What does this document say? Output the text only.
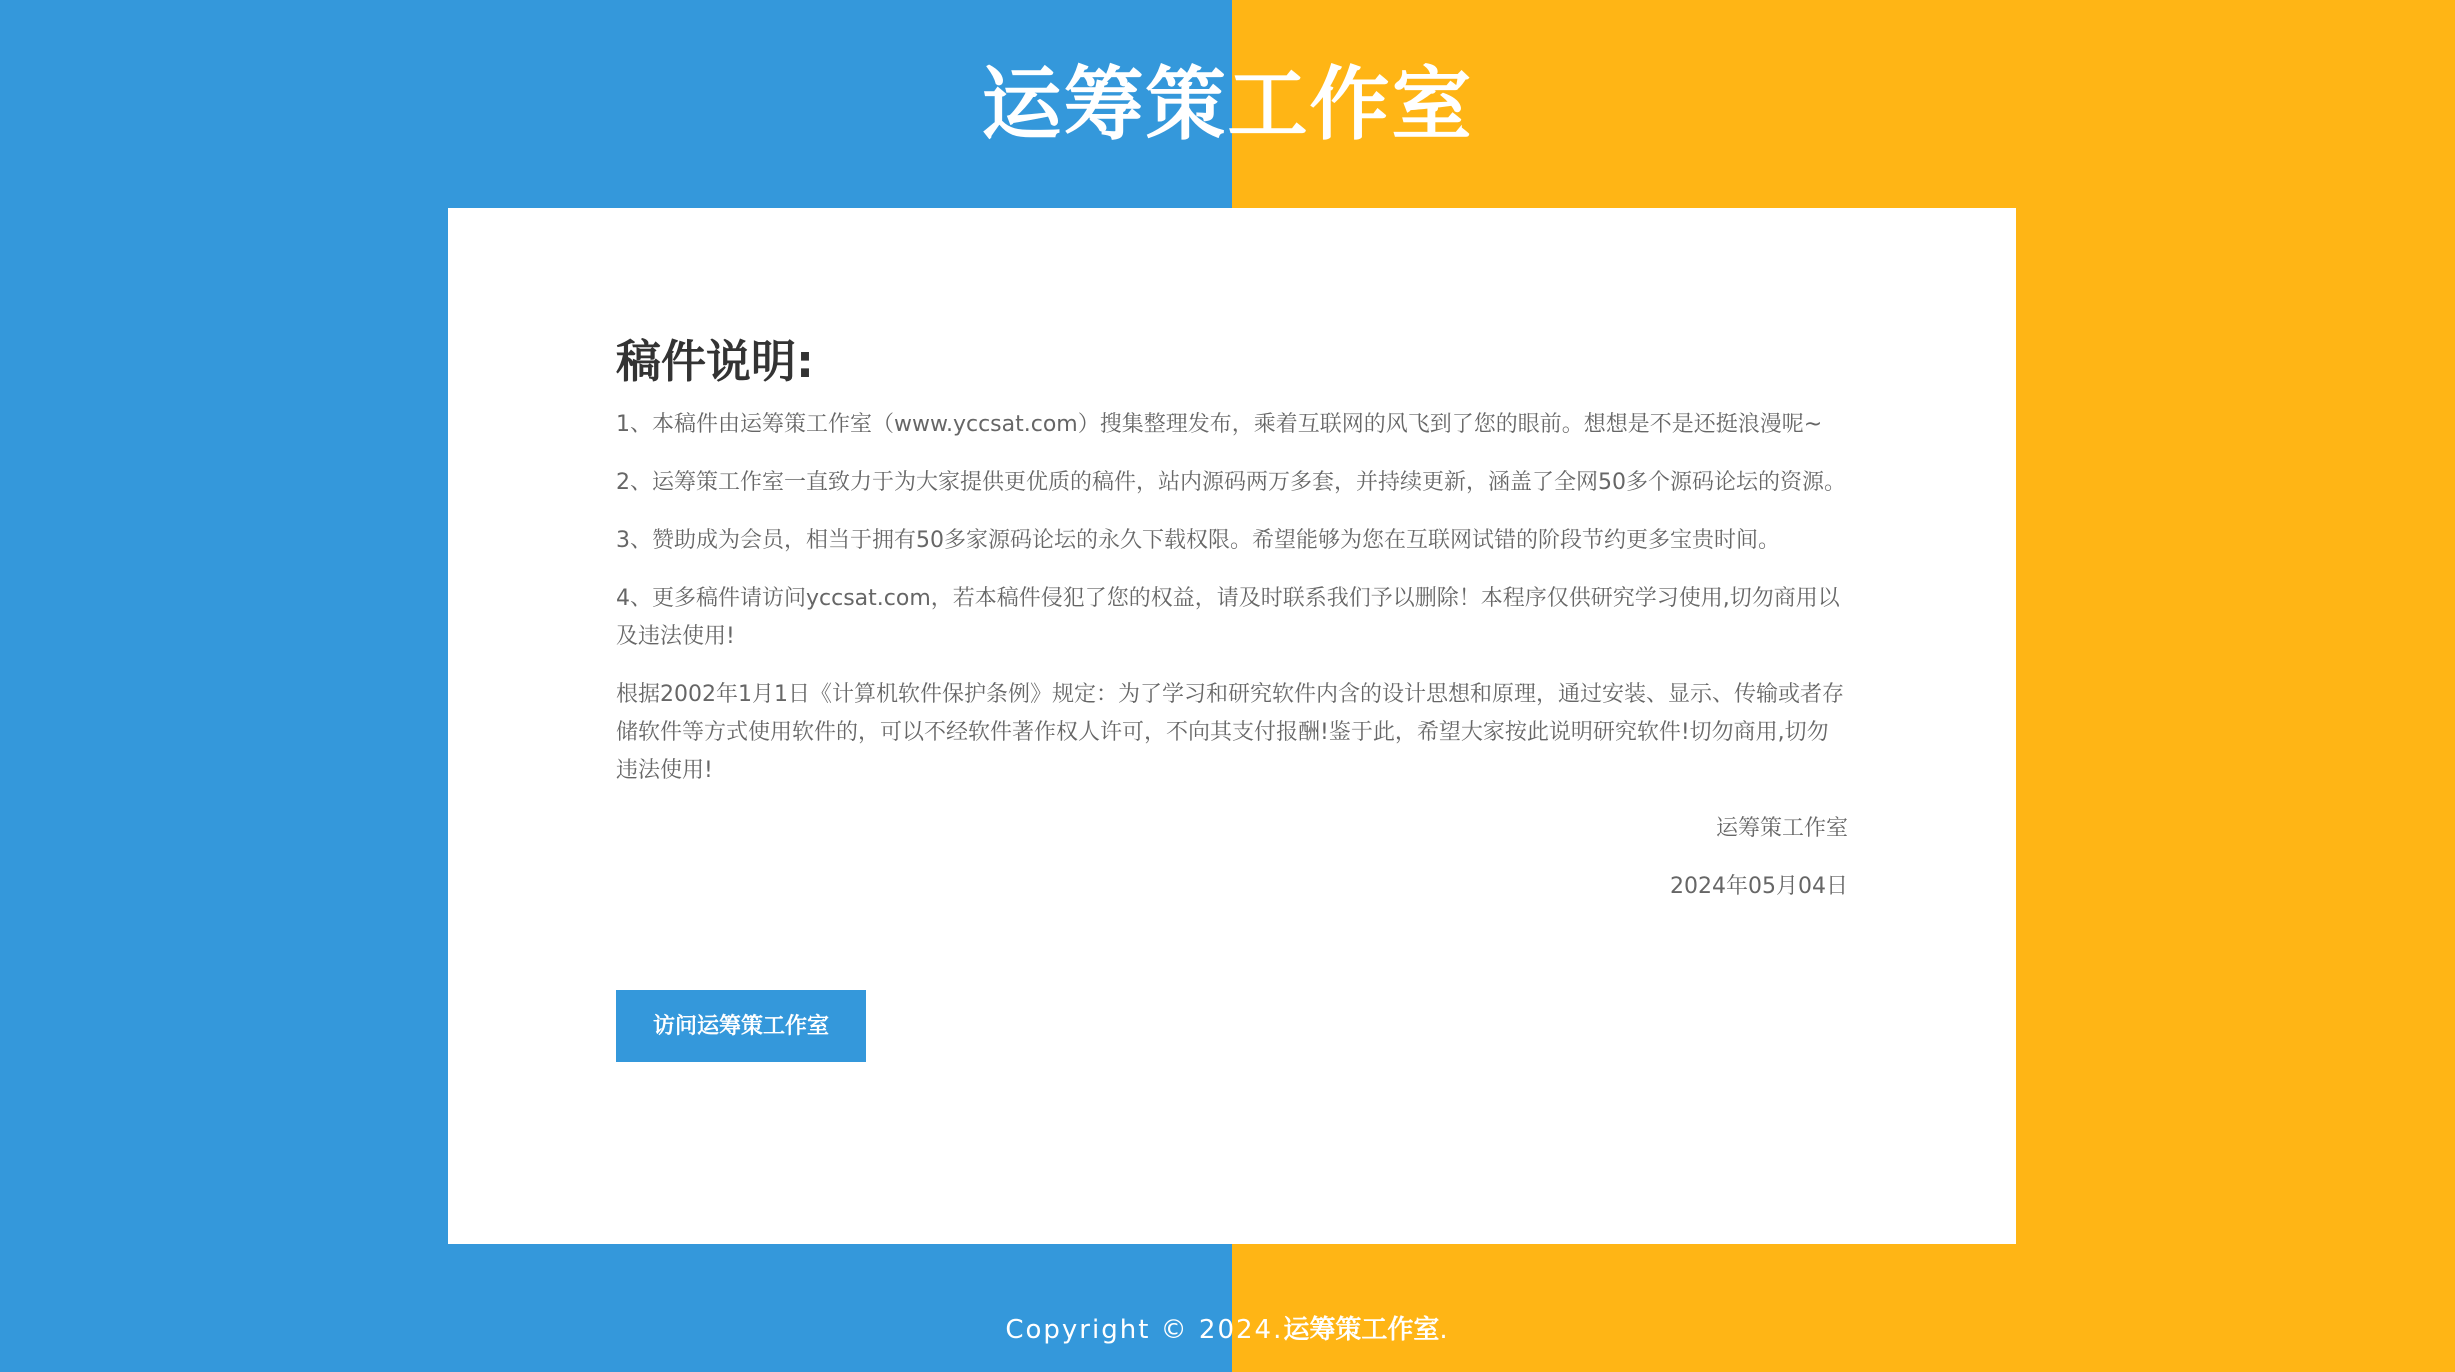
运筹策工作室
稿件说明:

1、本稿件由运筹策工作室（www.yccsat.com）搜集整理发布，乘着互联网的风飞到了您的眼前。想想是不是还挺浪漫呢~

2、运筹策工作室一直致力于为大家提供更优质的稿件，站内源码两万多套，并持续更新，涵盖了全网50多个源码论坛的资源。

3、赞助成为会员，相当于拥有50多家源码论坛的永久下载权限。希望能够为您在互联网试错的阶段节约更多宝贵时间。

4、更多稿件请访问yccsat.com，若本稿件侵犯了您的权益，请及时联系我们予以删除！本程序仅供研究学习使用,切勿商用以及违法使用!

根据2002年1月1日《计算机软件保护条例》规定：为了学习和研究软件内含的设计思想和原理，通过安装、显示、传输或者存储软件等方式使用软件的，可以不经软件著作权人许可，不向其支付报酬!鉴于此，希望大家按此说明研究软件!切勿商用,切勿违法使用!

运筹策工作室

2024年05月04日

访问运筹策工作室
Copyright © 2024.运筹策工作室.
